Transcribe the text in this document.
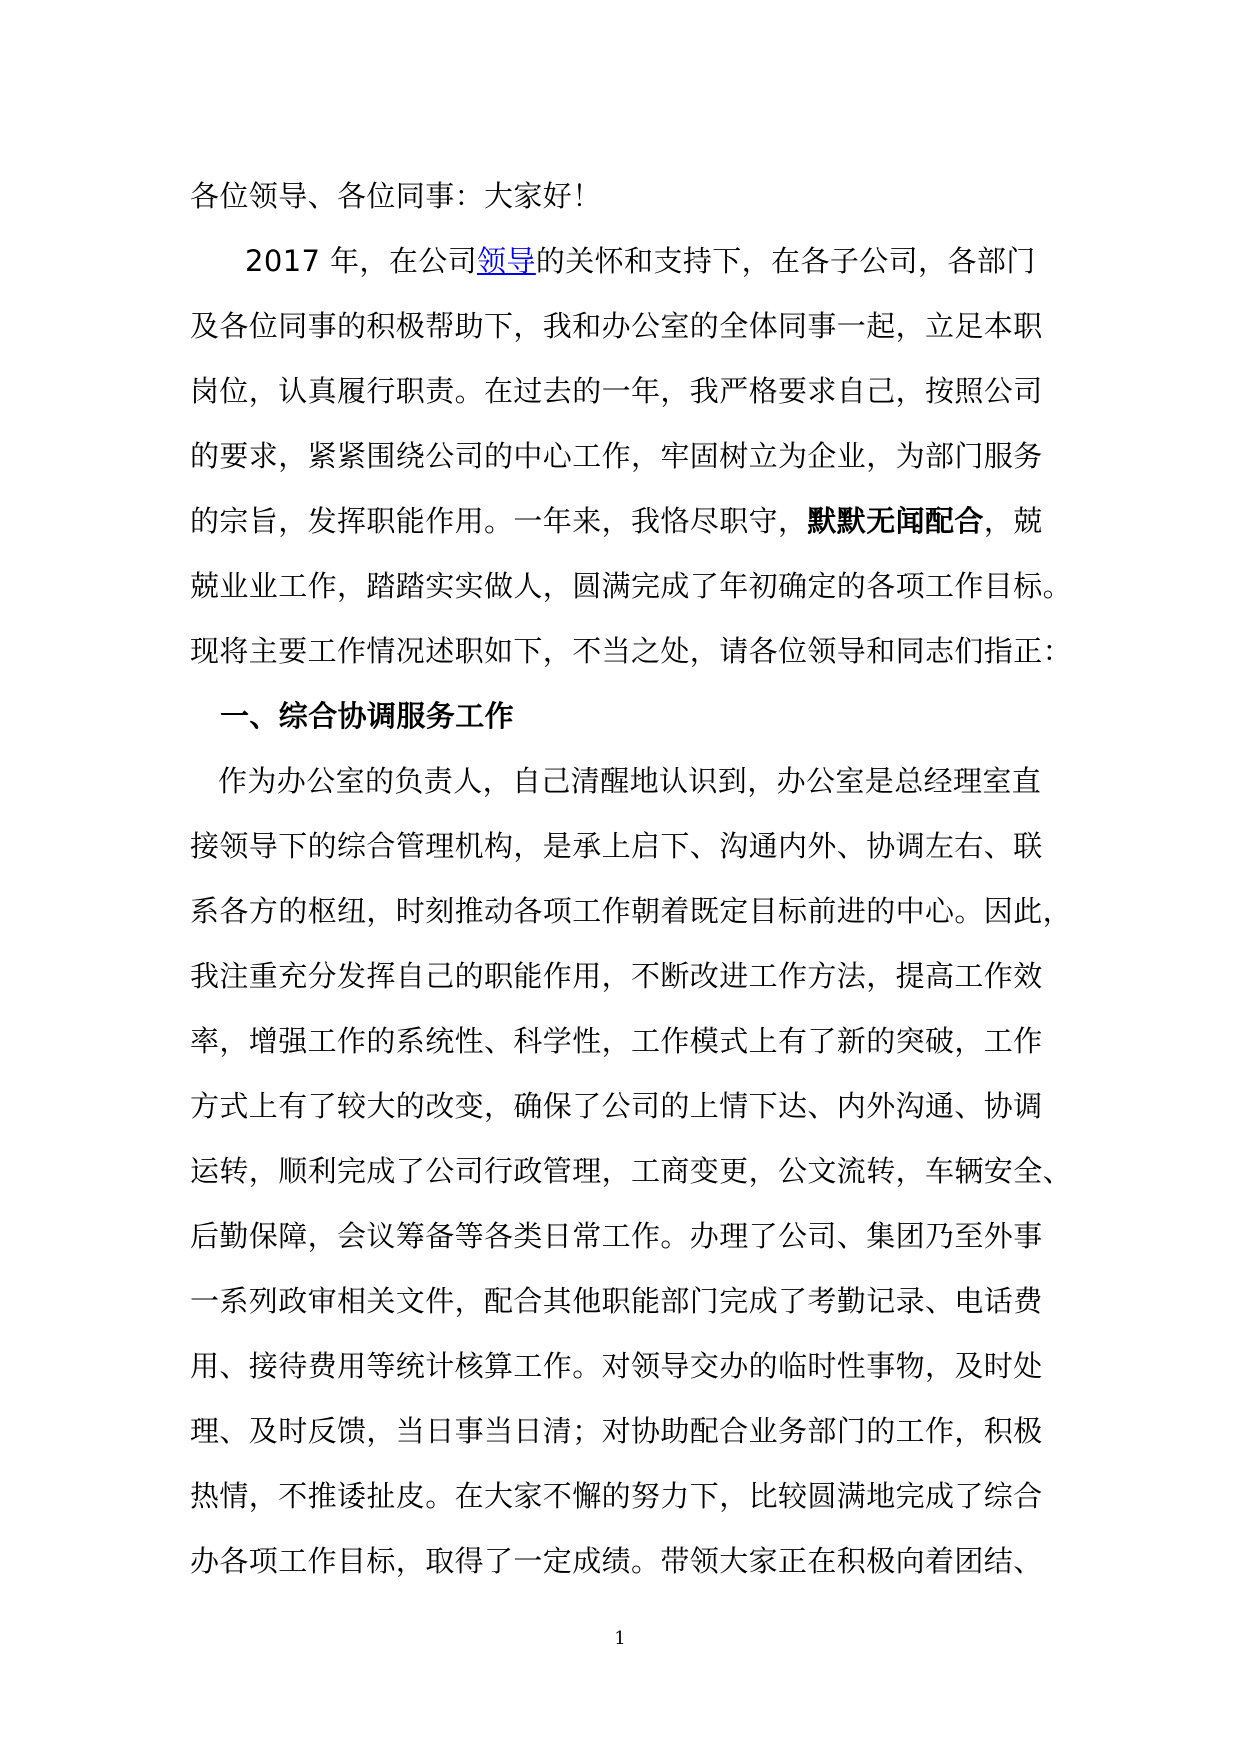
各位领导、各位同事：大家好！
2017 年，在公司领导的关怀和支持下，在各子公司，各部门
及各位同事的积极帮助下，我和办公室的全体同事一起，立足本职
岗位，认真履行职责。在过去的一年，我严格要求自己，按照公司
的要求，紧紧围绕公司的中心工作，牢固树立为企业，为部门服务
的宗旨，发挥职能作用。一年来，我恪尽职守，默默无闻配合，兢
兢业业工作，踏踏实实做人，圆满完成了年初确定的各项工作目标。
现将主要工作情况述职如下，不当之处，请各位领导和同志们指正：
一、综合协调服务工作
作为办公室的负责人，自己清醒地认识到，办公室是总经理室直
接领导下的综合管理机构，是承上启下、沟通内外、协调左右、联
系各方的枢纽，时刻推动各项工作朝着既定目标前进的中心。因此，
我注重充分发挥自己的职能作用，不断改进工作方法，提高工作效
率，增强工作的系统性、科学性，工作模式上有了新的突破，工作
方式上有了较大的改变，确保了公司的上情下达、内外沟通、协调
运转，顺利完成了公司行政管理，工商变更，公文流转，车辆安全、
后勤保障，会议筹备等各类日常工作。办理了公司、集团乃至外事
一系列政审相关文件，配合其他职能部门完成了考勤记录、电话费
用、接待费用等统计核算工作。对领导交办的临时性事物，及时处
理、及时反馈，当日事当日清；对协助配合业务部门的工作，积极
热情，不推诿扯皮。在大家不懈的努力下，比较圆满地完成了综合
办各项工作目标，取得了一定成绩。带领大家正在积极向着团结、
1
